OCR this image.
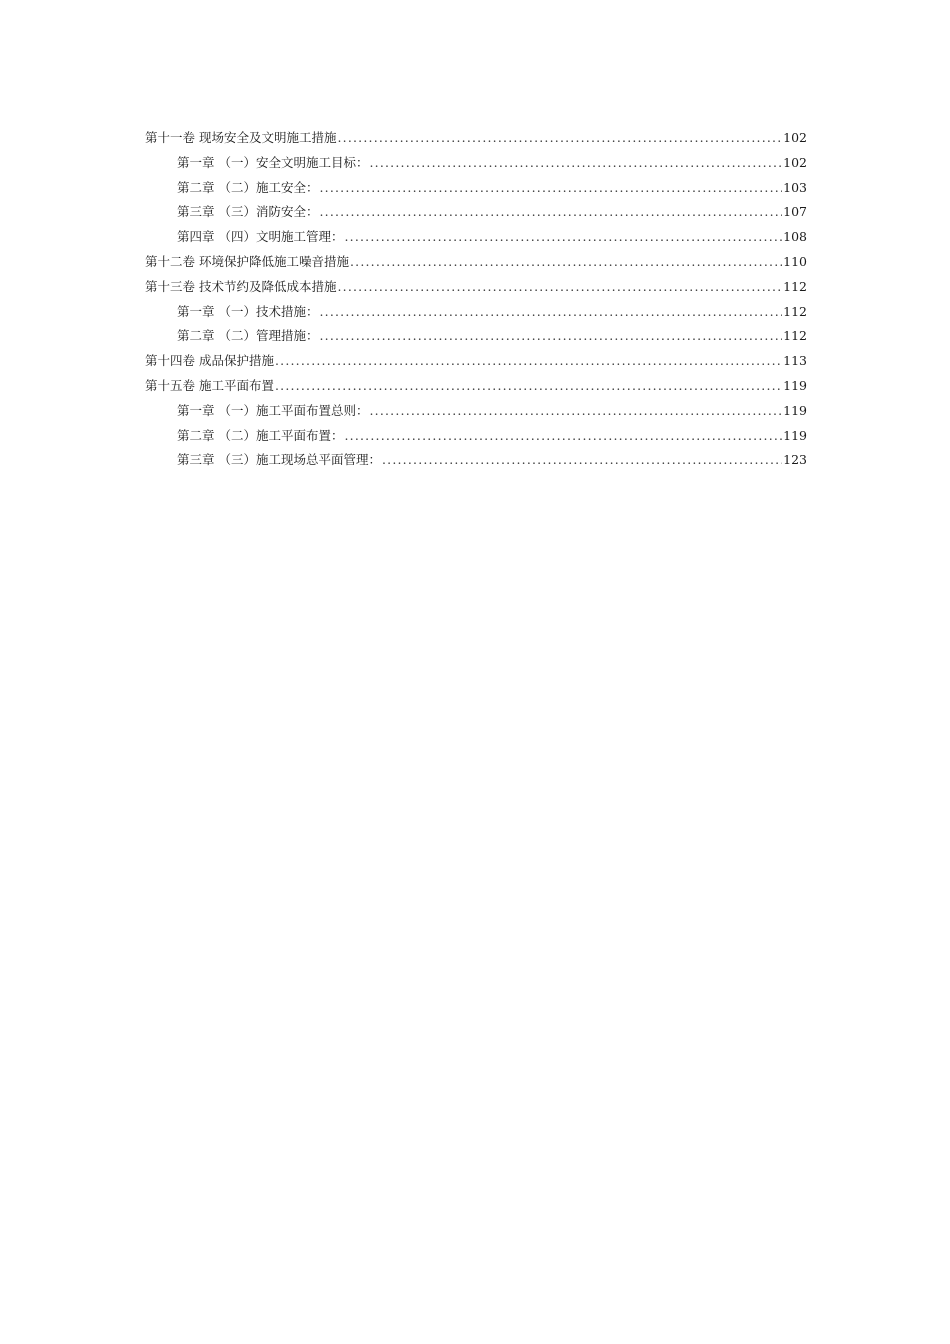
第十一卷 现场安全及文明施工措施 .....	102
第一章 （一）安全文明施工目标： .....	102
第二章 （二）施工安全： .....	103
第三章 （三）消防安全： .....	107
第四章 （四）文明施工管理： .....	108
第十二卷 环境保护降低施工噪音措施 .....	110
第十三卷 技术节约及降低成本措施 .....	112
第一章 （一）技术措施： .....	112
第二章 （二）管理措施： .....	112
第十四卷 成品保护措施 .....	113
第十五卷 施工平面布置 .....	119
第一章 （一）施工平面布置总则： .....	119
第二章 （二）施工平面布置： .....	119
第三章 （三）施工现场总平面管理： .....	123
